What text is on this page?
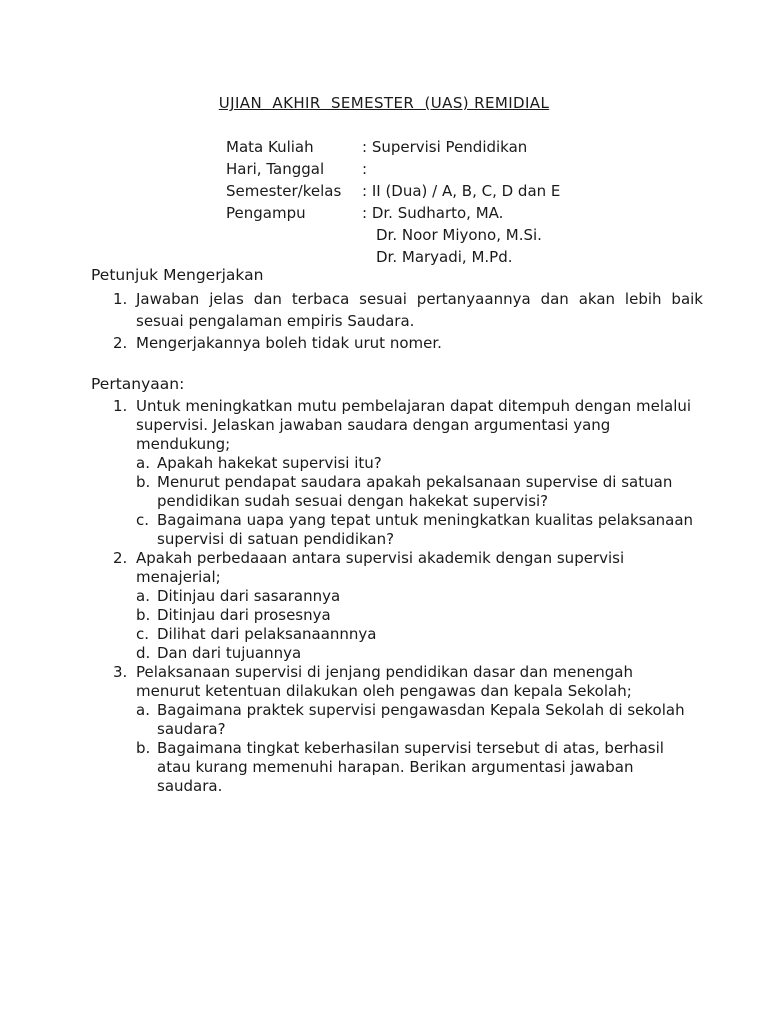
UJIAN  AKHIR  SEMESTER  (UAS) REMIDIAL
Mata Kuliah	: Supervisi Pendidikan
Hari, Tanggal	:
Semester/kelas : II (Dua) / A, B, C, D dan E
Pengampu	: Dr. Sudharto, MA.
Dr. Noor Miyono, M.Si.
Dr. Maryadi, M.Pd.
Petunjuk Mengerjakan
1. Jawaban jelas dan terbaca sesuai pertanyaannya dan akan lebih baik
sesuai pengalaman empiris Saudara.
2. Mengerjakannya boleh tidak urut nomer.
Pertanyaan:
1. Untuk meningkatkan mutu pembelajaran dapat ditempuh dengan melalui
supervisi. Jelaskan jawaban saudara dengan argumentasi yang
mendukung;
a. Apakah hakekat supervisi itu?
b. Menurut pendapat saudara apakah pekalsanaan supervise di satuan
pendidikan sudah sesuai dengan hakekat supervisi?
c. Bagaimana uapa yang tepat untuk meningkatkan kualitas pelaksanaan
supervisi di satuan pendidikan?
2. Apakah perbedaaan antara supervisi akademik dengan supervisi
menajerial;
a. Ditinjau dari sasarannya
b. Ditinjau dari prosesnya
c. Dilihat dari pelaksanaannnya
d. Dan dari tujuannya
3. Pelaksanaan supervisi di jenjang pendidikan dasar dan menengah
menurut ketentuan dilakukan oleh pengawas dan kepala Sekolah;
a. Bagaimana praktek supervisi pengawasdan Kepala Sekolah di sekolah
saudara?
b. Bagaimana tingkat keberhasilan supervisi tersebut di atas, berhasil
atau kurang memenuhi harapan. Berikan argumentasi jawaban
saudara.
